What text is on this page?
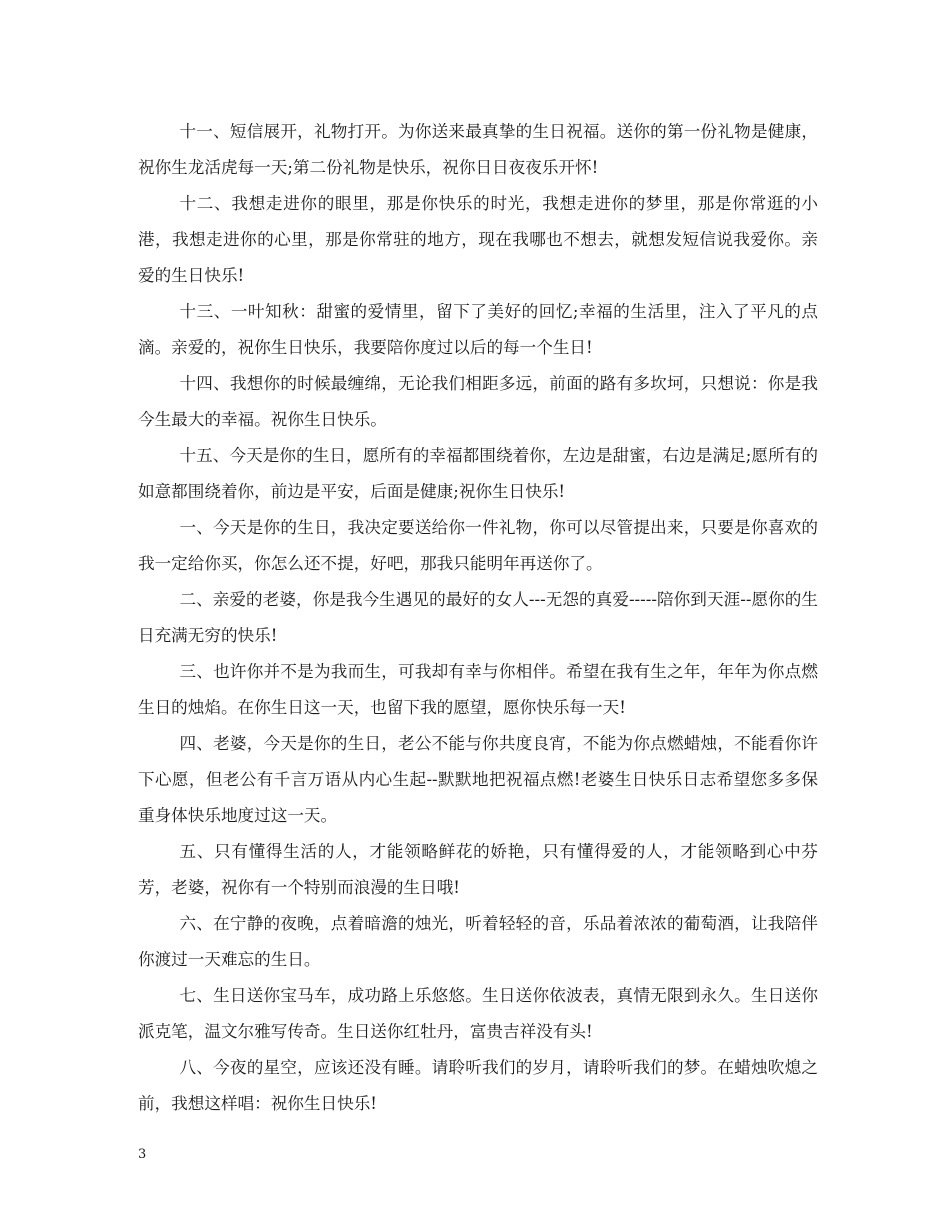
十一、短信展开，礼物打开。为你送来最真挚的生日祝福。送你的第一份礼物是健康，祝你生龙活虎每一天;第二份礼物是快乐，祝你日日夜夜乐开怀!

十二、我想走进你的眼里，那是你快乐的时光，我想走进你的梦里，那是你常逛的小港，我想走进你的心里，那是你常驻的地方，现在我哪也不想去，就想发短信说我爱你。亲爱的生日快乐!

十三、一叶知秋：甜蜜的爱情里，留下了美好的回忆;幸福的生活里，注入了平凡的点滴。亲爱的，祝你生日快乐，我要陪你度过以后的每一个生日!

十四、我想你的时候最缠绵，无论我们相距多远，前面的路有多坎坷，只想说：你是我今生最大的幸福。祝你生日快乐。

十五、今天是你的生日，愿所有的幸福都围绕着你，左边是甜蜜，右边是满足;愿所有的如意都围绕着你，前边是平安，后面是健康;祝你生日快乐!

一、今天是你的生日，我决定要送给你一件礼物，你可以尽管提出来，只要是你喜欢的我一定给你买，你怎么还不提，好吧，那我只能明年再送你了。

二、亲爱的老婆，你是我今生遇见的最好的女人---无怨的真爱-----陪你到天涯--愿你的生日充满无穷的快乐!

三、也许你并不是为我而生，可我却有幸与你相伴。希望在我有生之年，年年为你点燃生日的烛焰。在你生日这一天，也留下我的愿望，愿你快乐每一天!

四、老婆，今天是你的生日，老公不能与你共度良宵，不能为你点燃蜡烛，不能看你许下心愿，但老公有千言万语从内心生起--默默地把祝福点燃!老婆生日快乐日志希望您多多保重身体快乐地度过这一天。

五、只有懂得生活的人，才能领略鲜花的娇艳，只有懂得爱的人，才能领略到心中芬芳，老婆，祝你有一个特别而浪漫的生日哦!

六、在宁静的夜晚，点着暗澹的烛光，听着轻轻的音，乐品着浓浓的葡萄酒，让我陪伴你渡过一天难忘的生日。

七、生日送你宝马车，成功路上乐悠悠。生日送你依波表，真情无限到永久。生日送你派克笔，温文尔雅写传奇。生日送你红牡丹，富贵吉祥没有头!

八、今夜的星空，应该还没有睡。请聆听我们的岁月，请聆听我们的梦。在蜡烛吹熄之前，我想这样唱：祝你生日快乐!

3
